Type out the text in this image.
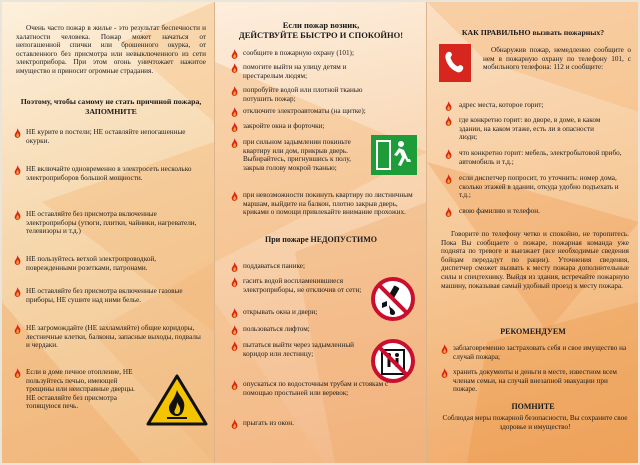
Очень часто пожар в жилье - это результат беспечности и халатности человека. Пожар может начаться от непогашенной спички или брошенного окурка, от оставленного без присмотра или невыключенного из сети электроприбора. При этом огонь уничтожает нажитое имущество и приносит огромные страдания.
Поэтому, чтобы самому не стать причиной пожара, ЗАПОМНИТЕ
НЕ курите в постели; НЕ оставляйте непогашенные окурки.
НЕ включайте одновременно в электросеть несколько электроприборов большой мощности.
НЕ оставляйте без присмотра включенные электроприборы (утюги, плитки, чайники, нагреватели, телевизоры и т.д.)
НЕ пользуйтесь ветхой электропроводкой, поврежденными розетками, патронами.
НЕ оставляйте без присмотра включенные газовые приборы, НЕ сушите над ними белье.
НЕ загромождайте (НЕ захламляйте) общие коридоры, лестничные клетки, балконы, запасные выходы, подвалы и чердаки.
Если в доме печное отопление, НЕ пользуйтесь печью, имеющей трещины или неисправные дверцы. НЕ оставляйте без присмотра топящуюся печь.
Если пожар возник,
ДЕЙСТВУЙТЕ БЫСТРО И СПОКОЙНО!
сообщите в пожарную охрану (101);
помогите выйти на улицу детям и престарелым людям;
попробуйте водой или плотной тканью потушить пожар;
отключите электроавтоматы (на щитке);
закройте окна и форточки;
при сильном задымлении покиньте квартиру или дом, прикрыв дверь. Выбирайтесь, пригнувшись к полу, закрыв голову мокрой тканью;
при невозможности покинуть квартиру по листничным маршам, выйдите на балкон, плотно закрыв дверь, криками о помощи привлекайте внимание прохожих.
При пожаре НЕДОПУСТИМО
поддаваться панике;
гасить водой воспламенившиеся электроприборы, не отключив от сети;
открывать окна и двери;
пользоваться лифтом;
пытаться выйти через задымленный коридор или лестницу;
опускаться по водосточным трубам и стоякам с помощью простыней или веревок;
прыгать из окон.
КАК ПРАВИЛЬНО вызвать пожарных?
Обнаружив пожар, немедленно сообщите о нем в пожарную охрану по телефону 101, с мобильного телефона: 112 и сообщите:
адрес места, которое горит;
где конкретно горит: во дворе, в доме, в каком здании, на каком этаже, есть ли в опасности люди;
что конкретно горит: мебель, электробытовой прибо, автомобиль и т.д.;
если диспетчер попросит, то уточнить: номер дома, сколько этажей в здании, откуда удобно подъехать и т.д.;
свою фамилию и телефон.
Говорите по телефону четко и спокойно, не торопитесь. Пока Вы сообщаете о пожаре, пожарная команда уже поднята по тревоге и выезжает (все необходимые сведения бойцам передадут по рации). Уточнения сведения, диспетчер сможет вызвать к месту пожара дополнительные силы и спецтехнику. Выйдя из здания, встречайте пожарную машину, показывая самый удобный проезд к месту пожара.
РЕКОМЕНДУЕМ
заблаговременно застраховать себя и свое имущество на случай пожара;
хранить документы и деньги в месте, известном всем членам семьи, на случай внезапной эвакуации при пожаре.
ПОМНИТЕ
Соблюдая меры пожарной безопасности, Вы сохраните свое здоровье и имущество!
